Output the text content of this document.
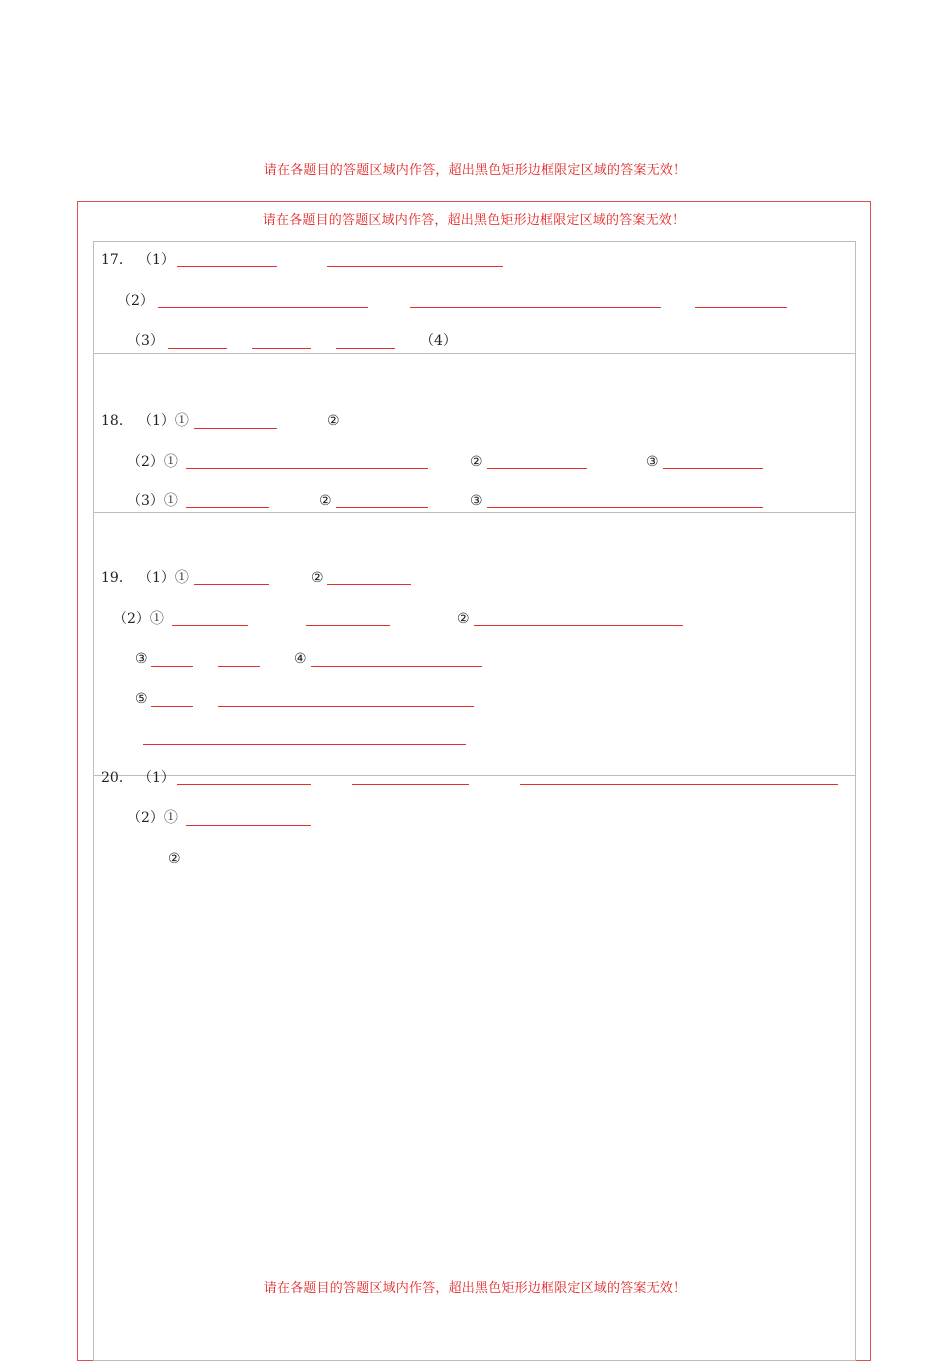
请在各题目的答题区域内作答，超出黑色矩形边框限定区域的答案无效！
请在各题目的答题区域内作答，超出黑色矩形边框限定区域的答案无效！
17． （1）
（2）
（3）	（4）
18． （1）①	②
（2）①	②	③
（3）①	②	③
19． （1）①	②
（2）①	②
③	④
⑤
20． （1）
（2）①
②
请在各题目的答题区域内作答，超出黑色矩形边框限定区域的答案无效！
